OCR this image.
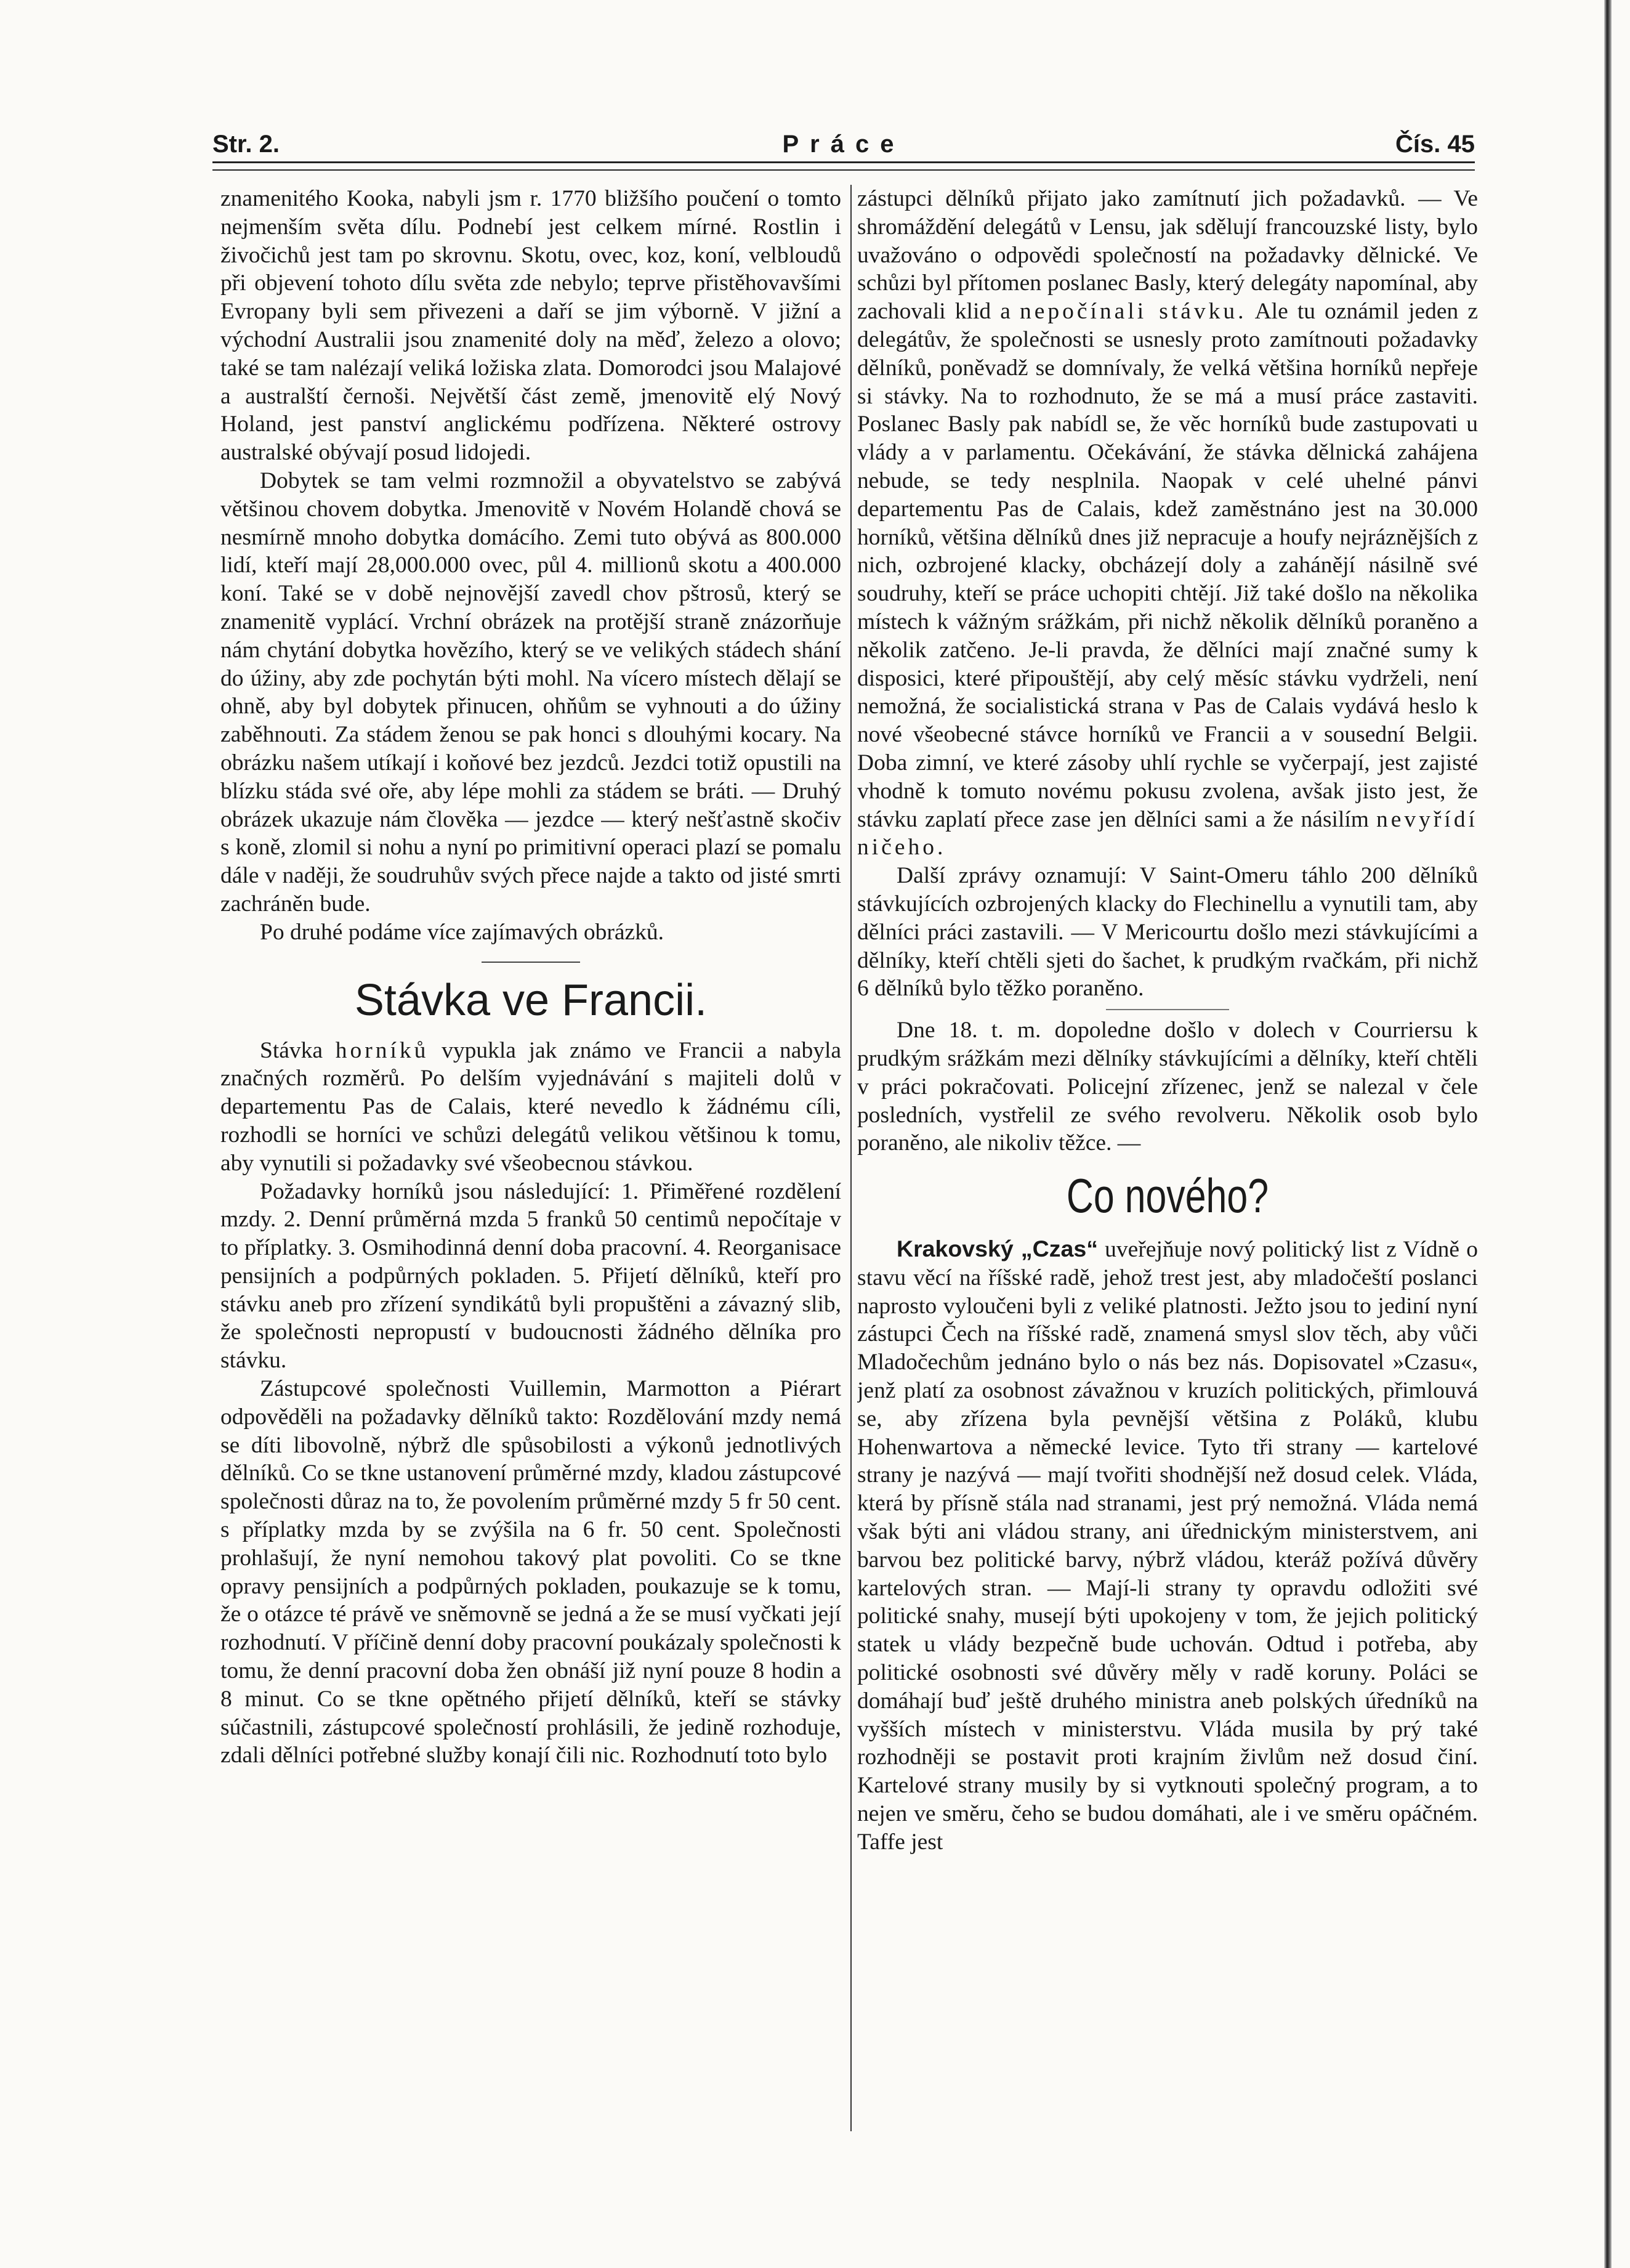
Str. 2.	Práce	Čís. 45

znamenitého Kooka, nabyli jsm r. 1770 bližšího poučení o tomto nejmenším světa dílu. Podnebí jest celkem mírné. Rostlin i živočichů jest tam po skrovnu. Skotu, ovec, koz, koní, velbloudů při objevení tohoto dílu světa zde nebylo; teprve přistěhovavšími Evropany byli sem přivezeni a daří se jim výborně. V jižní a východní Australii jsou znamenité doly na měď, železo a olovo; také se tam nalézají veliká ložiska zlata. Domorodci jsou Malajové a australští černoši. Největší část země, jmenovitě elý Nový Holand, jest panství anglickému podřízena. Některé ostrovy australské obývají posud lidojedi.

Dobytek se tam velmi rozmnožil a obyvatelstvo se zabývá většinou chovem dobytka. Jmenovitě v Novém Holandě chová se nesmírně mnoho dobytka domácího. Zemi tuto obývá as 800.000 lidí, kteří mají 28,000.000 ovec, půl 4. millionů skotu a 400.000 koní. Také se v době nejnovější zavedl chov pštrosů, který se znamenitě vyplácí. Vrchní obrázek na protější straně znázorňuje nám chytání dobytka hovězího, který se ve velikých stádech shání do úžiny, aby zde pochytán býti mohl. Na vícero místech dělají se ohně, aby byl dobytek přinucen, ohňům se vyhnouti a do úžiny zaběhnouti. Za stádem ženou se pak honci s dlouhými kocary. Na obrázku našem utíkají i koňové bez jezdců. Jezdci totiž opustili na blízku stáda své oře, aby lépe mohli za stádem se bráti. — Druhý obrázek ukazuje nám člověka — jezdce — který nešťastně skočiv s koně, zlomil si nohu a nyní po primitivní operaci plazí se pomalu dále v naději, že soudruhův svých přece najde a takto od jisté smrti zachráněn bude.

Po druhé podáme více zajímavých obrázků.

Stávka ve Francii.

Stávka horníků vypukla jak známo ve Francii a nabyla značných rozměrů. Po delším vyjednávání s majiteli dolů v departementu Pas de Calais, které nevedlo k žádnému cíli, rozhodli se horníci ve schůzi delegátů velikou většinou k tomu, aby vynutili si požadavky své všeobecnou stávkou.

Požadavky horníků jsou následující: 1. Přiměřené rozdělení mzdy. 2. Denní průměrná mzda 5 franků 50 centimů nepočítaje v to příplatky. 3. Osmihodinná denní doba pracovní. 4. Reorganisace pensijních a podpůrných pokladen. 5. Přijetí dělníků, kteří pro stávku aneb pro zřízení syndikátů byli propuštěni a závazný slib, že společnosti nepropustí v budoucnosti žádného dělníka pro stávku.

Zástupcové společnosti Vuillemin, Marmotton a Piérart odpověděli na požadavky dělníků takto: Rozdělování mzdy nemá se díti libovolně, nýbrž dle spůsobilosti a výkonů jednotlivých dělníků. Co se tkne ustanovení průměrné mzdy, kladou zástupcové společnosti důraz na to, že povolením průměrné mzdy 5 fr 50 cent. s příplatky mzda by se zvýšila na 6 fr. 50 cent. Společnosti prohlašují, že nyní nemohou takový plat povoliti. Co se tkne opravy pensijních a podpůrných pokladen, poukazuje se k tomu, že o otázce té právě ve sněmovně se jedná a že se musí vyčkati její rozhodnutí. V příčině denní doby pracovní poukázaly společnosti k tomu, že denní pracovní doba žen obnáší již nyní pouze 8 hodin a 8 minut. Co se tkne opětného přijetí dělníků, kteří se stávky súčastnili, zástupcové společností prohlásili, že jedině rozhoduje, zdali dělníci potřebné služby konají čili nic. Rozhodnutí toto bylo

zástupci dělníků přijato jako zamítnutí jich požadavků. — Ve shromáždění delegátů v Lensu, jak sdělují francouzské listy, bylo uvažováno o odpovědi společností na požadavky dělnické. Ve schůzi byl přítomen poslanec Basly, který delegáty napomínal, aby zachovali klid a nepočínali stávku. Ale tu oznámil jeden z delegátův, že společnosti se usnesly proto zamítnouti požadavky dělníků, poněvadž se domnívaly, že velká většina horníků nepřeje si stávky. Na to rozhodnuto, že se má a musí práce zastaviti. Poslanec Basly pak nabídl se, že věc horníků bude zastupovati u vlády a v parlamentu. Očekávání, že stávka dělnická zahájena nebude, se tedy nesplnila. Naopak v celé uhelné pánvi departementu Pas de Calais, kdež zaměstnáno jest na 30.000 horníků, většina dělníků dnes již nepracuje a houfy nejráznějších z nich, ozbrojené klacky, obcházejí doly a zahánějí násilně své soudruhy, kteří se práce uchopiti chtějí. Již také došlo na několika místech k vážným srážkám, při nichž několik dělníků poraněno a několik zatčeno. Je-li pravda, že dělníci mají značné sumy k disposici, které připouštějí, aby celý měsíc stávku vydrželi, není nemožná, že socialistická strana v Pas de Calais vydává heslo k nové všeobecné stávce horníků ve Francii a v sousední Belgii. Doba zimní, ve které zásoby uhlí rychle se vyčerpají, jest zajisté vhodně k tomuto novému pokusu zvolena, avšak jisto jest, že stávku zaplatí přece zase jen dělníci sami a že násilím nevyřídí ničeho.

Další zprávy oznamují: V Saint-Omeru táhlo 200 dělníků stávkujících ozbrojených klacky do Flechinellu a vynutili tam, aby dělníci práci zastavili. — V Mericourtu došlo mezi stávkujícími a dělníky, kteří chtěli sjeti do šachet, k prudkým rvačkám, při nichž 6 dělníků bylo těžko poraněno.

Dne 18. t. m. dopoledne došlo v dolech v Courriersu k prudkým srážkám mezi dělníky stávkujícími a dělníky, kteří chtěli v práci pokračovati. Policejní zřízenec, jenž se nalezal v čele posledních, vystřelil ze svého revolveru. Několik osob bylo poraněno, ale nikoliv těžce. —

Co nového?

Krakovský „Czas“ uveřejňuje nový politický list z Vídně o stavu věcí na říšské radě, jehož trest jest, aby mladočeští poslanci naprosto vyloučeni byli z veliké platnosti. Ježto jsou to jediní nyní zástupci Čech na říšské radě, znamená smysl slov těch, aby vůči Mladočechům jednáno bylo o nás bez nás. Dopisovatel »Czasu«, jenž platí za osobnost závažnou v kruzích politických, přimlouvá se, aby zřízena byla pevnější většina z Poláků, klubu Hohenwartova a německé levice. Tyto tři strany — kartelové strany je nazývá — mají tvořiti shodnější než dosud celek. Vláda, která by přísně stála nad stranami, jest prý nemožná. Vláda nemá však býti ani vládou strany, ani úřednickým ministerstvem, ani barvou bez politické barvy, nýbrž vládou, kteráž požívá důvěry kartelových stran. — Mají-li strany ty opravdu odložiti své politické snahy, musejí býti upokojeny v tom, že jejich politický statek u vlády bezpečně bude uchován. Odtud i potřeba, aby politické osobnosti své důvěry měly v radě koruny. Poláci se domáhají buď ještě druhého ministra aneb polských úředníků na vyšších místech v ministerstvu. Vláda musila by prý také rozhodněji se postavit proti krajním živlům než dosud činí. Kartelové strany musily by si vytknouti společný program, a to nejen ve směru, čeho se budou domáhati, ale i ve směru opáčném. Taffe jest
